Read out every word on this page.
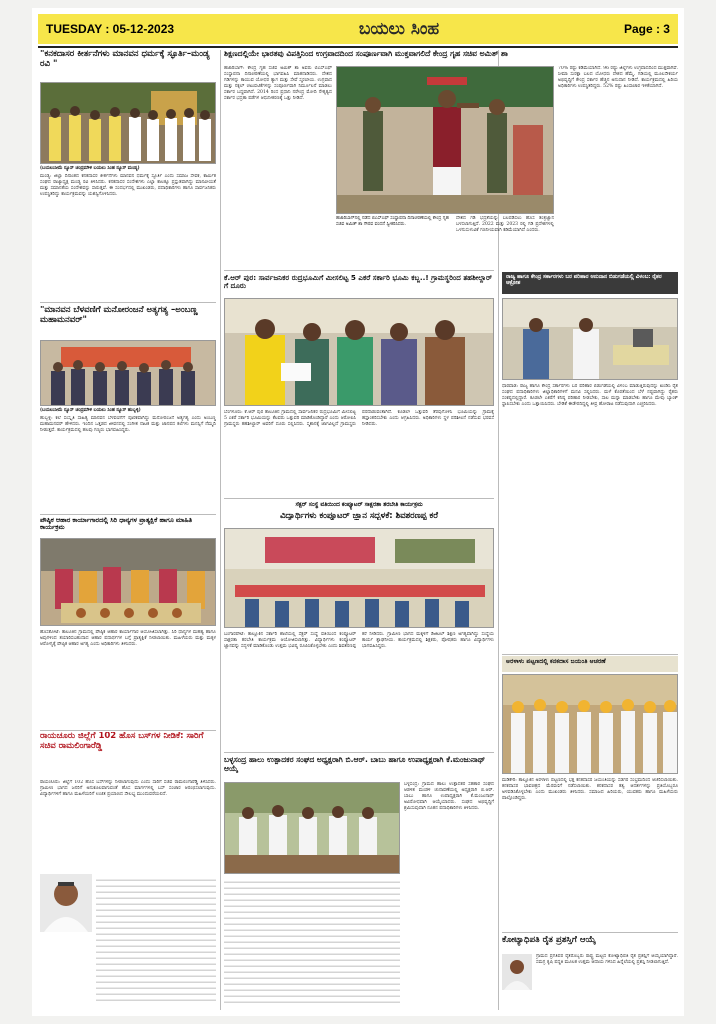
TUESDAY : 05-12-2023	ಬಯಲು ಸಿಂಹ	Page : 3
"ಕನಕದಾಸರ ಕೀರ್ತನೆಗಳು ಮಾನವನ ಧರ್ಮಕ್ಕೆ ಸ್ಫೂರ್ತಿ–ಮಂಡ್ಯ ರವಿ "
(ಬಯಲುಸೀಮೆ ನ್ಯೂಸ್ ಚಂದ್ರಮೌಳಿ ಬಯಲು ಸಿಂಹ ನ್ಯೂಸ್ ಮಂಡ್ಯ)
ಮಂಡ್ಯ: ಜಿಲ್ಲಾ ದಿನಾಂಕದ ಕನಕದಾಸರ ಕೀರ್ತನೆಗಳು ಮಾನವನ ಧರ್ಮಕ್ಕೆ ಸ್ಫೂರ್ತಿ ಎಂದು ಸಮಾಜ ಸೇವಕ, ಕಾರ್ಮಿಕ ಸಂಘದ ರಾಜ್ಯಾಧ್ಯಕ್ಷ ಮಂಡ್ಯ ರವಿ ತಿಳಿಸಿದರು. ಕನಕದಾಸರ ಸಂದೇಶಗಳು ಎಲ್ಲಾ ಕಾಲಕ್ಕೂ ಪ್ರಸ್ತುತವಾಗಿದ್ದು ಮಾನವೀಯತೆ ಮತ್ತು ಸಮಾನತೆಯ ಸಂದೇಶವನ್ನು ಸಾರುತ್ತವೆ. ಈ ಸಂದರ್ಭದಲ್ಲಿ ಮುಖಂಡರು, ಪದಾಧಿಕಾರಿಗಳು ಹಾಗೂ ಸಾರ್ವಜನಿಕರು ಉಪಸ್ಥಿತರಿದ್ದು ಕಾರ್ಯಕ್ರಮವನ್ನು ಯಶಸ್ವಿಗೊಳಿಸಿದರು.
"ಮಾನವನ ಬೆಳವಣಿಗೆ ಮನೋರಂಜನೆ ಅತ್ಯಗತ್ಯ –ಅಂಬಣ್ಣ ಮಹಾಮನವರ್"
(ಬಯಲುಸೀಮೆ ನ್ಯೂಸ್ ಚಂದ್ರಮೌಳಿ ಬಯಲು ಸಿಂಹ ನ್ಯೂಸ್ ಹುಬ್ಬಳ್ಳಿ)
ಹುಬ್ಬಳ್ಳಿ: ಕಲೆ ಸಂಸ್ಕೃತಿ ಸಾಹಿತ್ಯ ಮಾನವನ ಬೆಳವಣಿಗೆಗೆ ಪೂರಕವಾಗಿದ್ದು ಮನೋರಂಜನೆ ಅತ್ಯಗತ್ಯ ಎಂದು ಅಂಬಣ್ಣ ಮಹಾಮನವರ್ ಹೇಳಿದರು. ಇಂದಿನ ಒತ್ತಡದ ಜೀವನದಲ್ಲಿ ಸಂಗೀತ ನಾಟಕ ಮತ್ತು ಜಾನಪದ ಕಲೆಗಳು ಮನಸ್ಸಿಗೆ ನೆಮ್ಮದಿ ನೀಡುತ್ತವೆ. ಕಾರ್ಯಕ್ರಮದಲ್ಲಿ ಹಲವು ಗಣ್ಯರು ಭಾಗವಹಿಸಿದ್ದರು.
ಪೌಷ್ಠಿಕ ಆಹಾರ ಕಾರ್ಯಾಗಾರದಲ್ಲಿ ಸಿರಿ ಧಾನ್ಯಗಳ ಪ್ರಾತ್ಯಕ್ಷಿಕೆ ಹಾಗೂ ಮಾಹಿತಿ ಕಾರ್ಯಕ್ರಮ
ಹೊಸಕೋಟೆ: ತಾಲೂಕಿನ ಗ್ರಾಮದಲ್ಲಿ ಪೌಷ್ಠಿಕ ಆಹಾರ ಕಾರ್ಯಾಗಾರ ಆಯೋಜಿಸಲಾಗಿತ್ತು. ಸಿರಿ ಧಾನ್ಯಗಳ ಮಹತ್ವ ಹಾಗೂ ಅವುಗಳಿಂದ ತಯಾರಿಸಬಹುದಾದ ಆಹಾರ ಪದಾರ್ಥಗಳ ಬಗ್ಗೆ ಪ್ರಾತ್ಯಕ್ಷಿಕೆ ನೀಡಲಾಯಿತು. ಮಹಿಳೆಯರು ಮತ್ತು ಮಕ್ಕಳ ಆರೋಗ್ಯಕ್ಕೆ ಪೌಷ್ಠಿಕ ಆಹಾರ ಅಗತ್ಯ ಎಂದು ಅಧಿಕಾರಿಗಳು ತಿಳಿಸಿದರು.
ರಾಯಚೂರು ಜಿಲ್ಲೆಗೆ 102 ಹೊಸ ಬಸ್‌ಗಳ ನೀಡಿಕೆ: ಸಾರಿಗೆ ಸಚಿವ ರಾಮಲಿಂಗಾರೆಡ್ಡಿ
ರಾಯಚೂರು: ಜಿಲ್ಲೆಗೆ 102 ಹೊಸ ಬಸ್‌ಗಳನ್ನು ನೀಡಲಾಗುವುದು ಎಂದು ಸಾರಿಗೆ ಸಚಿವ ರಾಮಲಿಂಗಾರೆಡ್ಡಿ ತಿಳಿಸಿದರು. ಗ್ರಾಮೀಣ ಭಾಗದ ಜನರಿಗೆ ಅನುಕೂಲವಾಗುವಂತೆ ಹೊಸ ಮಾರ್ಗಗಳಲ್ಲಿ ಬಸ್ ಸಂಚಾರ ಆರಂಭಿಸಲಾಗುವುದು. ವಿದ್ಯಾರ್ಥಿಗಳಿಗೆ ಹಾಗೂ ಮಹಿಳೆಯರಿಗೆ ಉಚಿತ ಪ್ರಯಾಣದ ಸೌಲಭ್ಯ ಮುಂದುವರೆಯಲಿದೆ.
ಶಿಕ್ಷಣದಲ್ಲಿಯೇ ಭಾರತವು ವಿಪತ್ತಿನಿಂದ ಉಗ್ರವಾದದಿಂದ ಸಂಪೂರ್ಣವಾಗಿ ಮುಕ್ತವಾಗಲಿದೆ ಕೇಂದ್ರ ಗೃಹ ಸಚಿವ ಅಮಿತ್ ಶಾ
ಹಜಾರಿಬಾಗ್: ಕೇಂದ್ರ ಗೃಹ ಸಚಿವ ಅಮಿತ್ ಶಾ ಅವರು ಬಿಎಸ್‌ಎಫ್ ಸಂಸ್ಥಾಪನಾ ದಿನಾಚರಣೆಯಲ್ಲಿ ಭಾಗವಹಿಸಿ ಮಾತನಾಡಿದರು. ದೇಶದ ಗಡಿಗಳನ್ನು ಕಾಯುವ ಯೋಧರ ತ್ಯಾಗ ಮತ್ತು ಸೇವೆ ಸ್ಮರಣೀಯ. ಉಗ್ರವಾದ ಮತ್ತು ನಕ್ಸಲ್ ಚಟುವಟಿಕೆಗಳನ್ನು ಸಂಪೂರ್ಣವಾಗಿ ನಿರ್ಮೂಲನೆ ಮಾಡಲು ಸರ್ಕಾರ ಬದ್ಧವಾಗಿದೆ. 2014 ರಿಂದ ಪ್ರಧಾನಿ ನರೇಂದ್ರ ಮೋದಿ ನೇತೃತ್ವದ ಸರ್ಕಾರ ಭದ್ರತಾ ಪಡೆಗಳ ಆಧುನೀಕರಣಕ್ಕೆ ಒತ್ತು ನೀಡಿದೆ.
ಹಜಾರಿಬಾಗ್‌ನಲ್ಲಿ ನಡೆದ ಬಿಎಸ್‌ಎಫ್ ಸಂಸ್ಥಾಪನಾ ದಿನಾಚರಣೆಯಲ್ಲಿ ಕೇಂದ್ರ ಗೃಹ ಸಚಿವ ಅಮಿತ್ ಶಾ ಗೌರವ ವಂದನೆ ಸ್ವೀಕರಿಸಿದರು.
ದೇಶದ ಗಡಿ ಭದ್ರತೆಯನ್ನು ಬಲಪಡಿಸಲು ಹೊಸ ತಂತ್ರಜ್ಞಾನ ಬಳಸಲಾಗುತ್ತಿದೆ. 2022 ಮತ್ತು 2023 ರಲ್ಲಿ ಗಡಿ ಪ್ರದೇಶಗಳಲ್ಲಿ ಒಳನುಸುಳುವಿಕೆ ಗಣನೀಯವಾಗಿ ಕಡಿಮೆಯಾಗಿದೆ ಎಂದರು.
70% ರಷ್ಟು ಕಡಿಮೆಯಾಗಿದೆ. 96 ರಷ್ಟು ಜಿಲ್ಲೆಗಳು ಉಗ್ರವಾದದಿಂದ ಮುಕ್ತವಾಗಿವೆ. ಸೀಮಾ ಸುರಕ್ಷಾ ಬಲದ ಯೋಧರು ದೇಶದ ಹೆಮ್ಮೆ. ಗಡಿಯಲ್ಲಿ ಮೂಲಸೌಕರ್ಯ ಅಭಿವೃದ್ಧಿಗೆ ಕೇಂದ್ರ ಸರ್ಕಾರ ಹೆಚ್ಚಿನ ಅನುದಾನ ನೀಡಿದೆ. ಕಾರ್ಯಕ್ರಮದಲ್ಲಿ ಹಿರಿಯ ಅಧಿಕಾರಿಗಳು ಉಪಸ್ಥಿತರಿದ್ದರು. 52% ರಷ್ಟು ಹಿಂಸಾಚಾರ ಇಳಿಕೆಯಾಗಿದೆ.
ಕೆ.ಆರ್ ಪುರ: ಸಾರ್ವಜನಿಕರ ರುದ್ರಭೂಮಿಗೆ ಮೀಸಲಿಟ್ಟ 5 ಎಕರೆ ಸರ್ಕಾರಿ ಭೂಮಿ ಕಬ್ಜ..! ಗ್ರಾಮಸ್ಥರಿಂದ ತಹಶೀಲ್ದಾರ್ ಗೆ ದೂರು
ಬೆಂಗಳೂರು: ಕೆ.ಆರ್ ಪುರ ತಾಲೂಕಿನ ಗ್ರಾಮದಲ್ಲಿ ಸಾರ್ವಜನಿಕರ ರುದ್ರಭೂಮಿಗೆ ಮೀಸಲಿಟ್ಟ 5 ಎಕರೆ ಸರ್ಕಾರಿ ಭೂಮಿಯನ್ನು ಕೆಲವರು ಒತ್ತುವರಿ ಮಾಡಿಕೊಂಡಿದ್ದಾರೆ ಎಂದು ಆರೋಪಿಸಿ ಗ್ರಾಮಸ್ಥರು ತಹಶೀಲ್ದಾರ್ ಅವರಿಗೆ ದೂರು ಸಲ್ಲಿಸಿದರು. ಸ್ಮಶಾನಕ್ಕೆ ಜಾಗವಿಲ್ಲದೆ ಗ್ರಾಮಸ್ಥರು ಪರದಾಡುವಂತಾಗಿದೆ. ಕೂಡಲೇ ಒತ್ತುವರಿ ತೆರವುಗೊಳಿಸಿ ಭೂಮಿಯನ್ನು ಗ್ರಾಮಕ್ಕೆ ಹಸ್ತಾಂತರಿಸಬೇಕು ಎಂದು ಆಗ್ರಹಿಸಿದರು. ಅಧಿಕಾರಿಗಳು ಸ್ಥಳ ಪರಿಶೀಲನೆ ನಡೆಸುವ ಭರವಸೆ ನೀಡಿದರು.
ಸೆಕ್ಟರ್ ಸಂಸ್ಥೆ ವತಿಯಿಂದ ಕಂಪ್ಯೂಟರ್ ಸಾಕ್ಷರತಾ ತರಬೇತಿ ಕಾರ್ಯಕ್ರಮ
ವಿದ್ಯಾರ್ಥಿಗಳು ಕಂಪ್ಯೂಟರ್ ಜ್ಞಾನ ಸದ್ಬಳಕೆ: ಶಿವಶರಣಪ್ಪ ಕರೆ
ಬಂಗಾರಪೇಟೆ: ತಾಲ್ಲೂಕಿನ ಸರ್ಕಾರಿ ಶಾಲೆಯಲ್ಲಿ ಸೆಕ್ಟರ್ ಸಂಸ್ಥೆ ವತಿಯಿಂದ ಕಂಪ್ಯೂಟರ್ ಸಾಕ್ಷರತಾ ತರಬೇತಿ ಕಾರ್ಯಕ್ರಮ ಆಯೋಜಿಸಲಾಗಿತ್ತು. ವಿದ್ಯಾರ್ಥಿಗಳು ಕಂಪ್ಯೂಟರ್ ಜ್ಞಾನವನ್ನು ಸದ್ಬಳಕೆ ಮಾಡಿಕೊಂಡು ಉತ್ತಮ ಭವಿಷ್ಯ ರೂಪಿಸಿಕೊಳ್ಳಬೇಕು ಎಂದು ಶಿವಶರಣಪ್ಪ ಕರೆ ನೀಡಿದರು. ಗ್ರಾಮೀಣ ಭಾಗದ ಮಕ್ಕಳಿಗೆ ಡಿಜಿಟಲ್ ಶಿಕ್ಷಣ ಅಗತ್ಯವಾಗಿದ್ದು ಸಂಸ್ಥೆಯ ಕಾರ್ಯ ಶ್ಲಾಘನೀಯ. ಕಾರ್ಯಕ್ರಮದಲ್ಲಿ ಶಿಕ್ಷಕರು, ಪೋಷಕರು ಹಾಗೂ ವಿದ್ಯಾರ್ಥಿಗಳು ಭಾಗವಹಿಸಿದ್ದರು.
ಬಳ್ಳಸಂದ್ರ ಹಾಲು ಉತ್ಪಾದಕರ ಸಂಘದ ಅಧ್ಯಕ್ಷರಾಗಿ ಬಿ.ಆರ್. ಬಾಬು ಹಾಗೂ ಉಪಾಧ್ಯಕ್ಷರಾಗಿ ಕೆ.ಮಂಜುನಾಥ್ ಆಯ್ಕೆ
ಬಳ್ಳಸಂದ್ರ: ಗ್ರಾಮದ ಹಾಲು ಉತ್ಪಾದಕರ ಸಹಕಾರ ಸಂಘದ ಆಡಳಿತ ಮಂಡಳಿ ಚುನಾವಣೆಯಲ್ಲಿ ಅಧ್ಯಕ್ಷರಾಗಿ ಬಿ.ಆರ್. ಬಾಬು ಹಾಗೂ ಉಪಾಧ್ಯಕ್ಷರಾಗಿ ಕೆ.ಮಂಜುನಾಥ್ ಅವಿರೋಧವಾಗಿ ಆಯ್ಕೆಯಾದರು. ಸಂಘದ ಅಭಿವೃದ್ಧಿಗೆ ಶ್ರಮಿಸುವುದಾಗಿ ನೂತನ ಪದಾಧಿಕಾರಿಗಳು ತಿಳಿಸಿದರು.
ರಾಜ್ಯ ಹಾಗೂ ಕೇಂದ್ರ ಸರ್ಕಾರಗಳು ಬರ ಪರಿಹಾರ ಅನುದಾನ ಬಿಡುಗಡೆಯಲ್ಲಿ ವಿಳಂಬ: ರೈತರ ಆಕ್ರೋಶ
ಧಾರವಾಡ: ರಾಜ್ಯ ಹಾಗೂ ಕೇಂದ್ರ ಸರ್ಕಾರಗಳು ಬರ ಪರಿಹಾರ ಬಿಡುಗಡೆಯಲ್ಲಿ ವಿಳಂಬ ಮಾಡುತ್ತಿರುವುದನ್ನು ಖಂಡಿಸಿ ರೈತ ಸಂಘದ ಪದಾಧಿಕಾರಿಗಳು ಜಿಲ್ಲಾಧಿಕಾರಿಗಳಿಗೆ ಮನವಿ ಸಲ್ಲಿಸಿದರು. ಮಳೆ ಕೊರತೆಯಿಂದ ಬೆಳೆ ನಷ್ಟವಾಗಿದ್ದು ರೈತರು ಸಂಕಷ್ಟದಲ್ಲಿದ್ದಾರೆ. ಕೂಡಲೇ ಎಕರೆಗೆ ಕನಿಷ್ಠ ಪರಿಹಾರ ನೀಡಬೇಕು, ಸಾಲ ಮನ್ನಾ ಮಾಡಬೇಕು ಹಾಗೂ ಮೇವು ಬ್ಯಾಂಕ್ ಸ್ಥಾಪಿಸಬೇಕು ಎಂದು ಒತ್ತಾಯಿಸಿದರು. ಬೇಡಿಕೆ ಈಡೇರದಿದ್ದಲ್ಲಿ ತೀವ್ರ ಹೋರಾಟ ನಡೆಸುವುದಾಗಿ ಎಚ್ಚರಿಸಿದರು.
ಅರಳಾಳು ಪಟ್ಟಣದಲ್ಲಿ ಕನಕದಾಸ ಜಯಂತಿ ಆಚರಣೆ
ಮಡಿಕೇರಿ: ತಾಲ್ಲೂಕಿನ ಅರಳಾಳು ಪಟ್ಟಣದಲ್ಲಿ ಭಕ್ತ ಕನಕದಾಸರ ಜಯಂತಿಯನ್ನು ಸಡಗರ ಸಂಭ್ರಮದಿಂದ ಆಚರಿಸಲಾಯಿತು. ಕನಕದಾಸರ ಭಾವಚಿತ್ರದ ಮೆರವಣಿಗೆ ನಡೆಸಲಾಯಿತು. ಕನಕದಾಸರ ತತ್ವ ಆದರ್ಶಗಳನ್ನು ಪ್ರತಿಯೊಬ್ಬರೂ ಅಳವಡಿಸಿಕೊಳ್ಳಬೇಕು ಎಂದು ಮುಖಂಡರು ತಿಳಿಸಿದರು. ಸಮಾಜದ ಹಿರಿಯರು, ಯುವಕರು ಹಾಗೂ ಮಹಿಳೆಯರು ಪಾಲ್ಗೊಂಡಿದ್ದರು.
ಕೋಟ್ಯಾಧಿಪತಿ ರೈತ ಪ್ರಶಸ್ತಿಗೆ ಆಯ್ಕೆ
ಗ್ರಾಮದ ಪ್ರಗತಿಪರ ರೈತರೊಬ್ಬರು ರಾಷ್ಟ್ರ ಮಟ್ಟದ ಕೋಟ್ಯಾಧಿಪತಿ ರೈತ ಪ್ರಶಸ್ತಿಗೆ ಆಯ್ಕೆಯಾಗಿದ್ದಾರೆ. ಸಮಗ್ರ ಕೃಷಿ ಪದ್ಧತಿ ಮೂಲಕ ಉತ್ತಮ ಆದಾಯ ಗಳಿಸಿದ ಹಿನ್ನೆಲೆಯಲ್ಲಿ ಪ್ರಶಸ್ತಿ ನೀಡಲಾಗುತ್ತಿದೆ.
